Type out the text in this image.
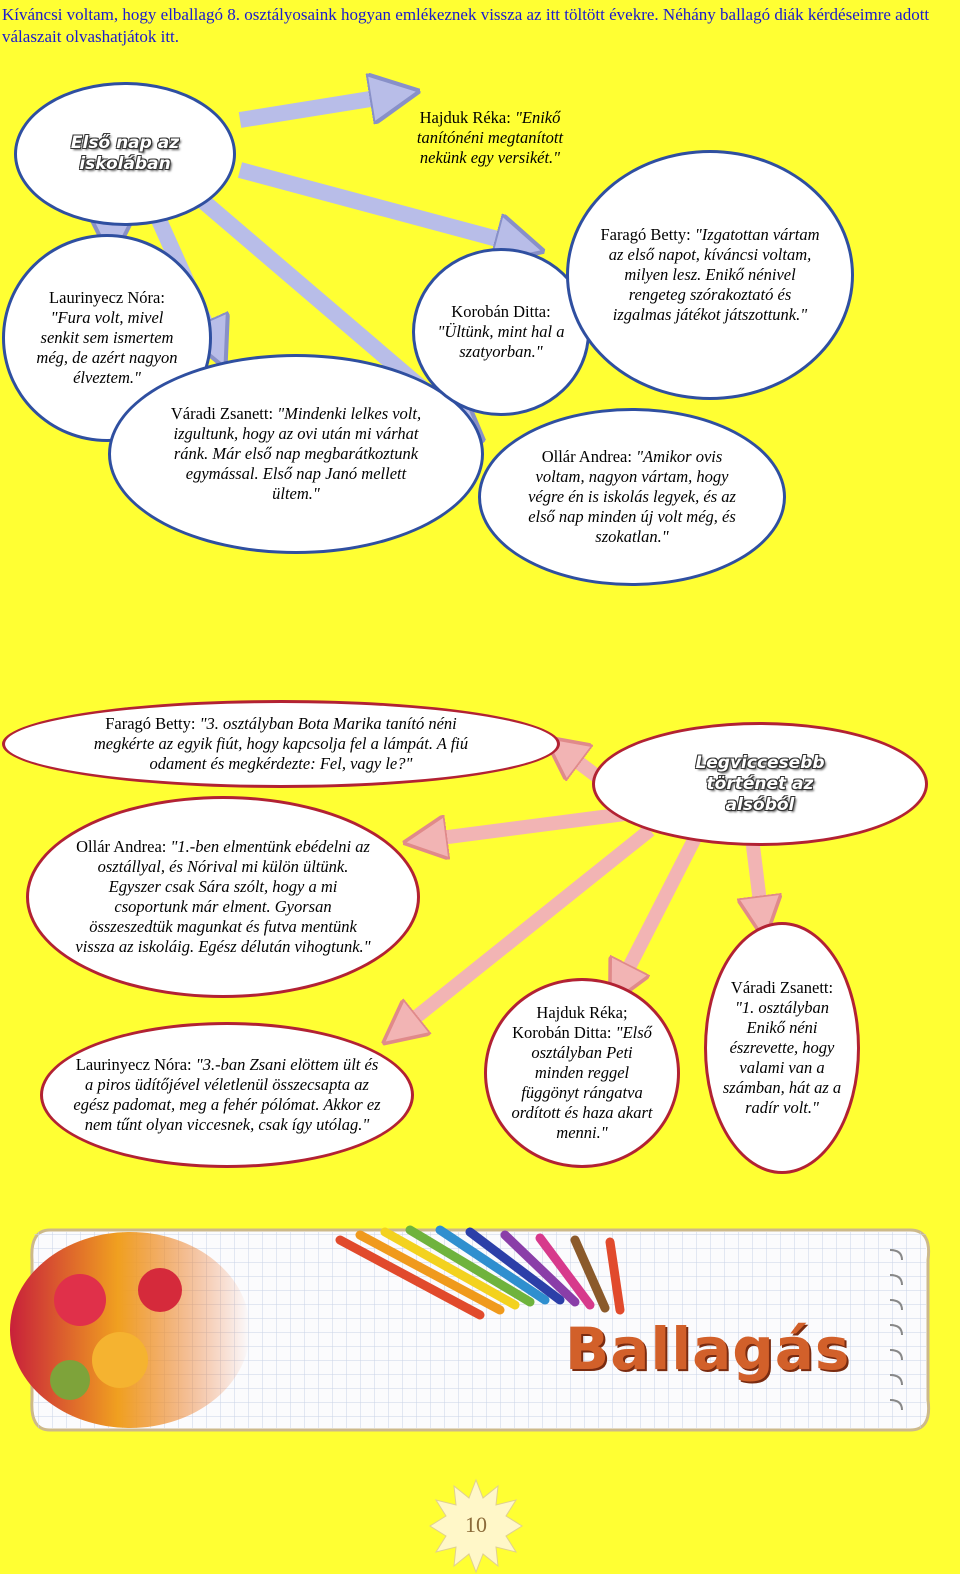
Kíváncsi voltam, hogy elballagó 8. osztályosaink hogyan emlékeznek vissza az itt töltött évekre. Néhány ballagó diák kérdéseimre adott válaszait olvashatjátok itt.
Első nap az iskolában
Laurinyecz Nóra: "Fura volt, mivel senkit sem ismertem még, de azért nagyon élveztem."
Váradi Zsanett: "Mindenki lelkes volt, izgultunk, hogy az ovi után mi várhat ránk. Már első nap megbarátkoztunk egymással. Első nap Janó mellett ültem."
Hajduk Réka: "Enikő tanítónéni megtanított nekünk egy versikét."
Korobán Ditta: "Ültünk, mint hal a szatyorban."
Faragó Betty: "Izgatottan vártam az első napot, kíváncsi voltam, milyen lesz. Enikő nénivel rengeteg szórakoztató és izgalmas játékot játszottunk."
Ollár Andrea: "Amikor ovis voltam, nagyon vártam, hogy végre én is iskolás legyek, és az első nap minden új volt még, és szokatlan."
Faragó Betty: "3. osztályban Bota Marika tanító néni megkérte az egyik fiút, hogy kapcsolja fel a lámpát. A fiú odament és megkérdezte: Fel, vagy le?"	Legviccesebb történet az alsóból
Ollár Andrea: "1.-ben elmentünk ebédelni az osztállyal, és Nórival mi külön ültünk. Egyszer csak Sára szólt, hogy a mi csoportunk már elment. Gyorsan összeszedtük magunkat és futva mentünk vissza az iskoláig. Egész délután vihogtunk."
Laurinyecz Nóra: "3.-ban Zsani elöttem ült és a piros üdítőjével véletlenül összecsapta az egész padomat, meg a fehér pólómat. Akkor ez nem tűnt olyan viccesnek, csak így utólag."
Hajduk Réka; Korobán Ditta: "Első osztályban Peti minden reggel függönyt rángatva ordított és haza akart menni."
Váradi Zsanett: "1. osztályban Enikő néni észrevette, hogy valami van a számban, hát az a radír volt."
Ballagás
10
